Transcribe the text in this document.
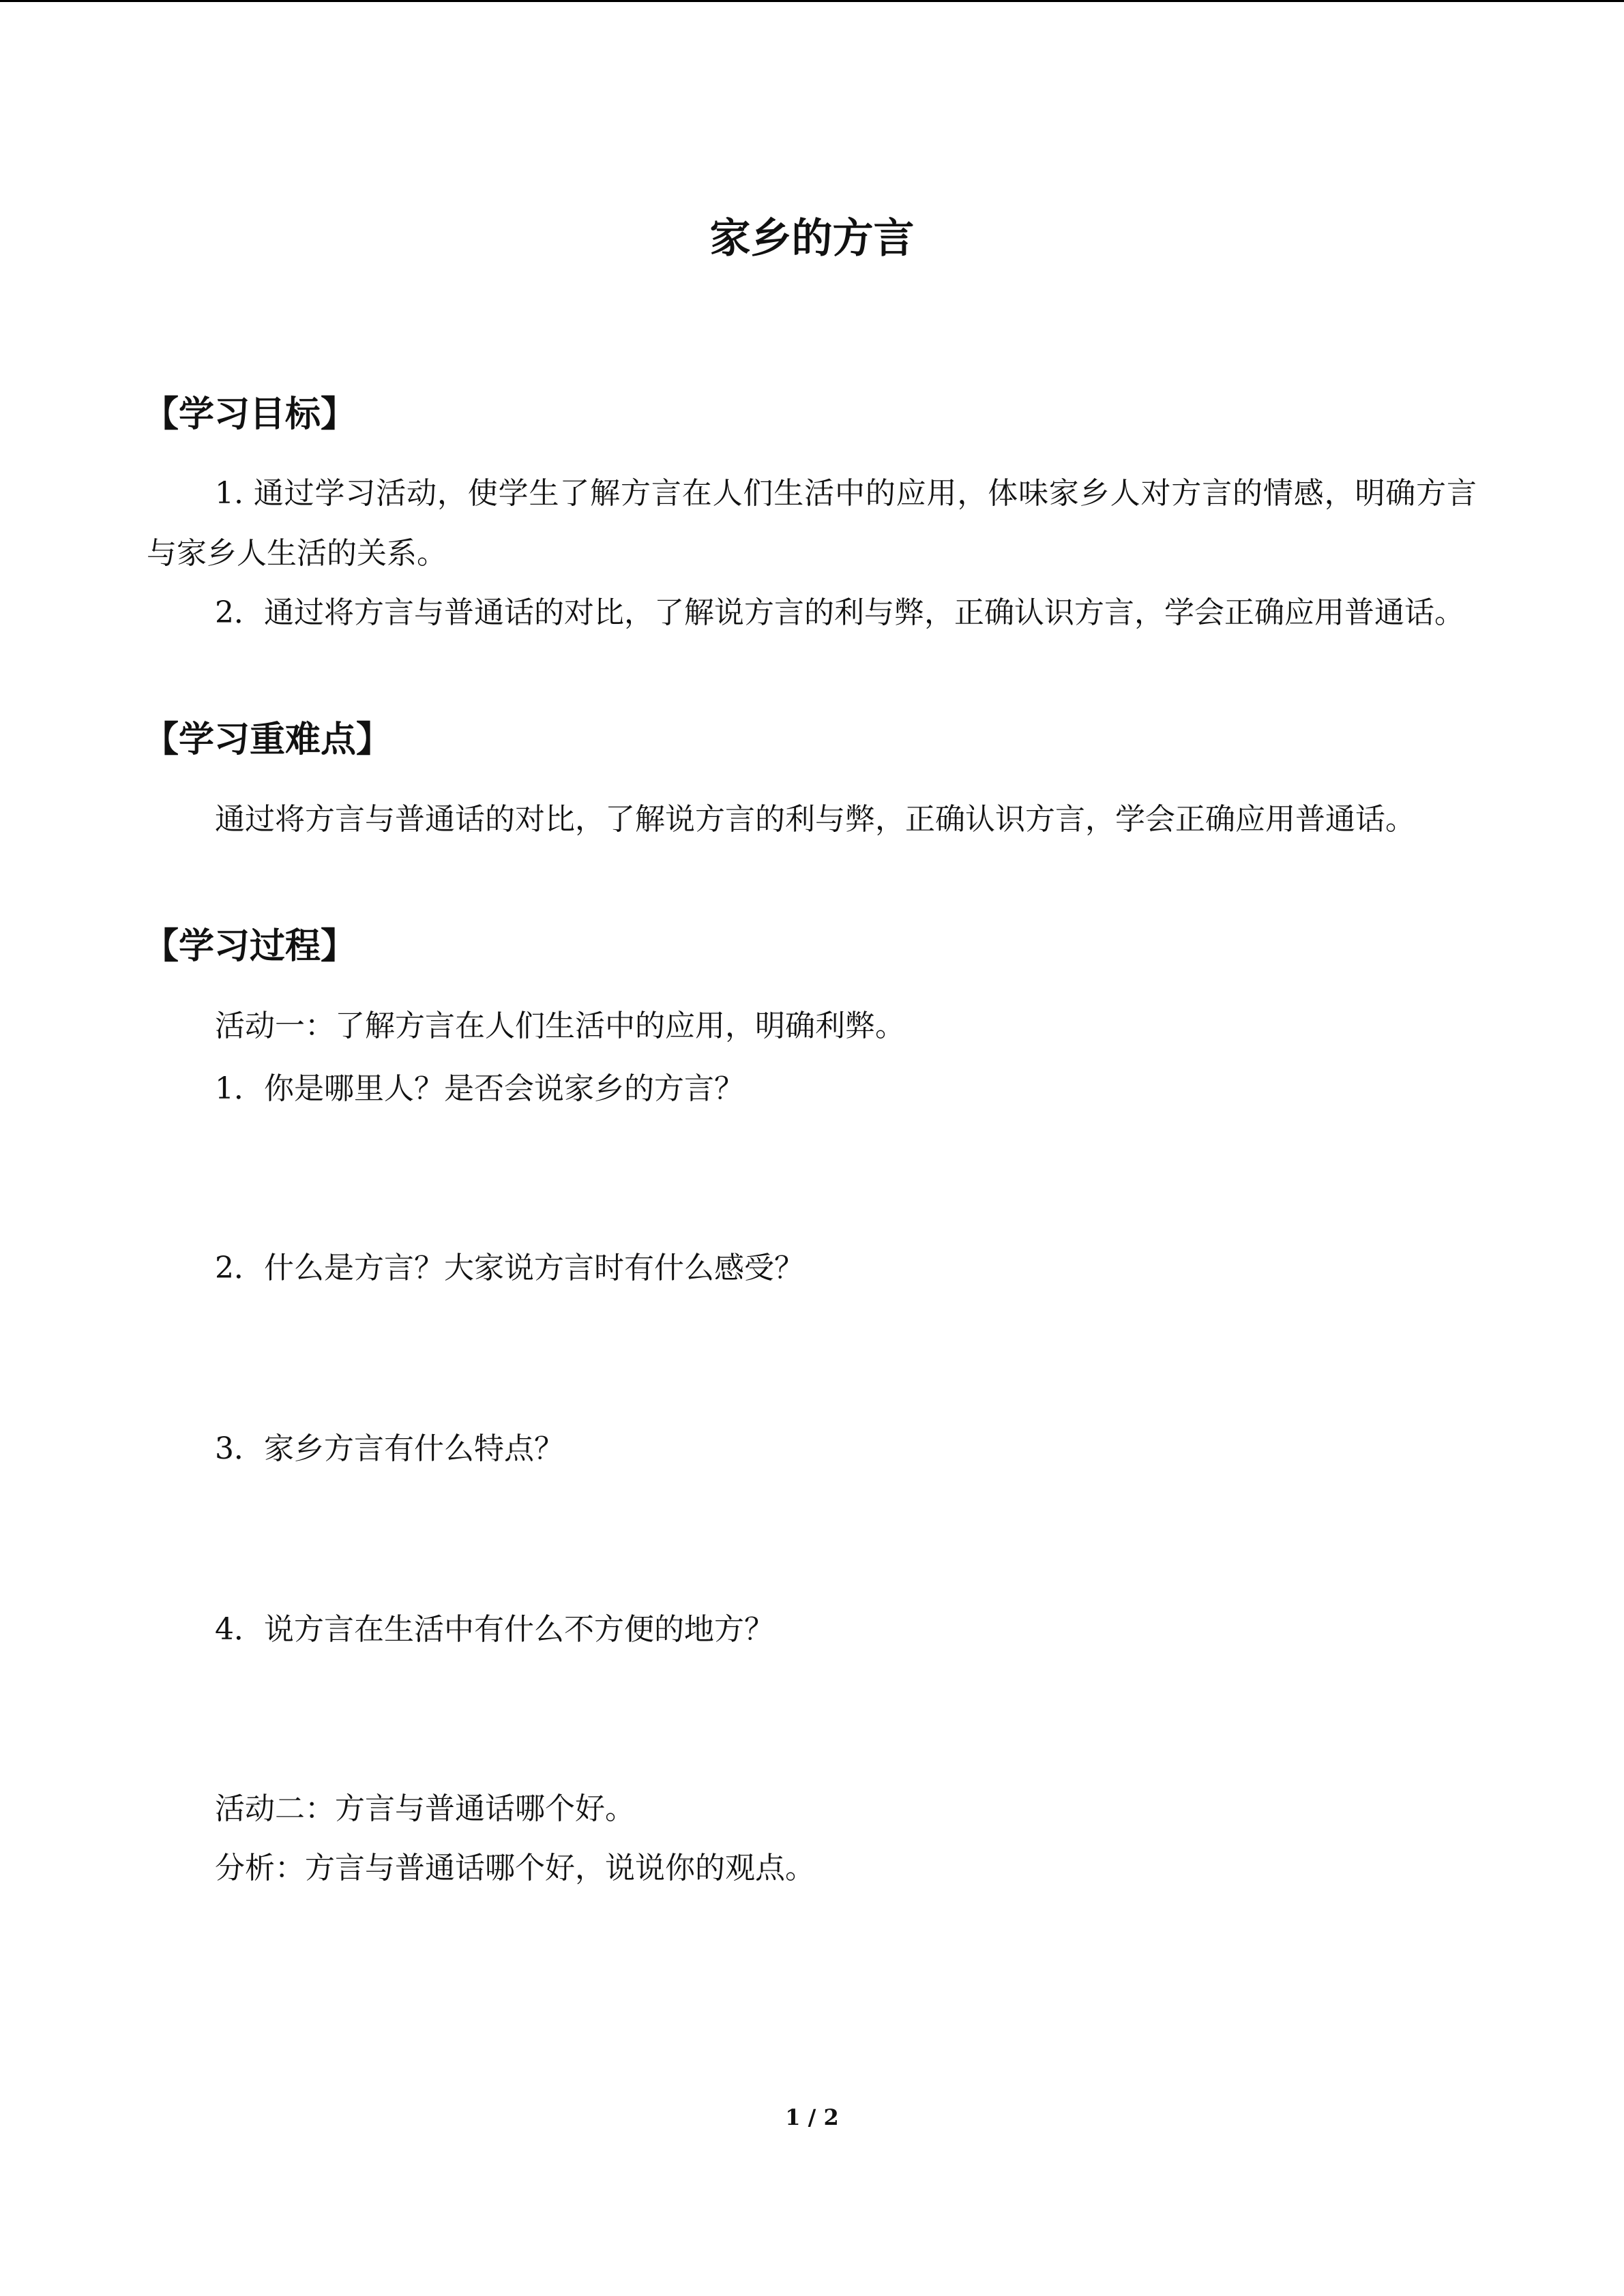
家乡的方言
【学习目标】

1. 通过学习活动，使学生了解方言在人们生活中的应用，体味家乡人对方言的情感，明确方言与家乡人生活的关系。

2．通过将方言与普通话的对比，了解说方言的利与弊，正确认识方言，学会正确应用普通话。

【学习重难点】

通过将方言与普通话的对比，了解说方言的利与弊，正确认识方言，学会正确应用普通话。

【学习过程】

活动一：了解方言在人们生活中的应用，明确利弊。

1．你是哪里人？是否会说家乡的方言？

2．什么是方言？大家说方言时有什么感受？

3．家乡方言有什么特点？

4．说方言在生活中有什么不方便的地方？

活动二：方言与普通话哪个好。

分析：方言与普通话哪个好，说说你的观点。

1 / 2
